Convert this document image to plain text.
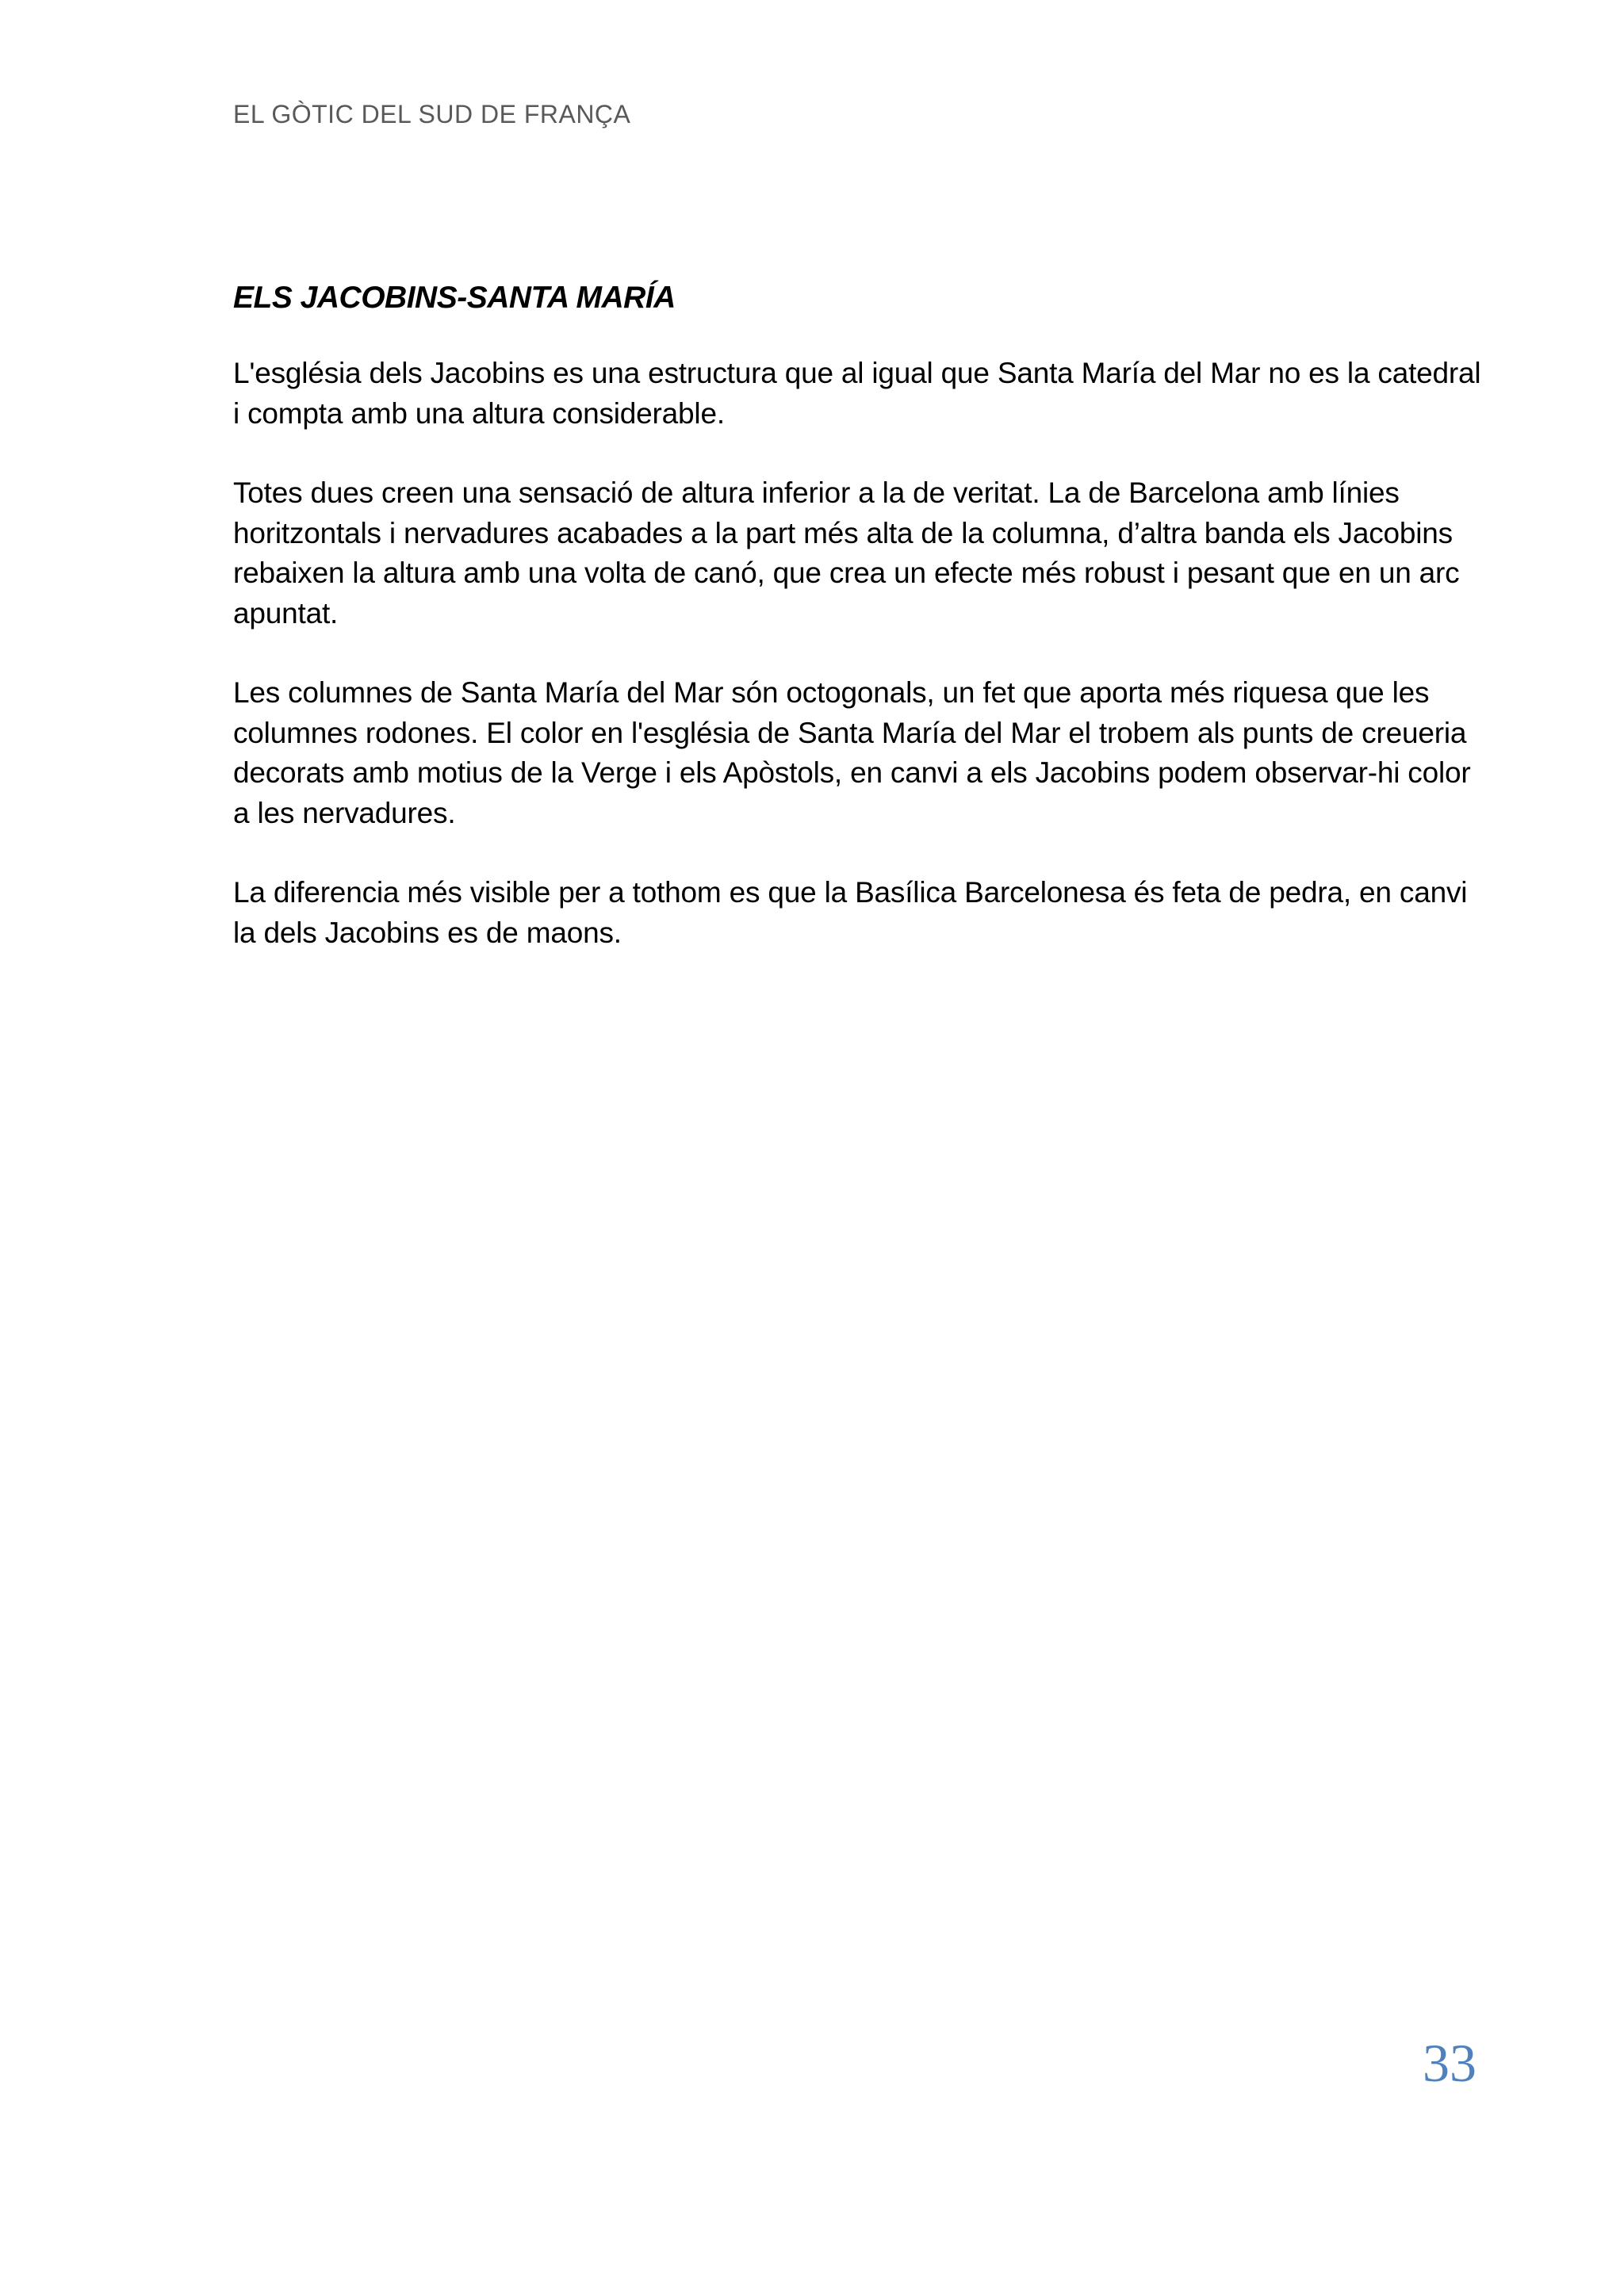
EL GÒTIC DEL SUD DE FRANÇA
ELS JACOBINS-SANTA MARÍA

L'església dels Jacobins es una estructura que al igual que Santa María del Mar no es la catedral i compta amb una altura considerable.

Totes dues creen una sensació de altura inferior a la de veritat. La de Barcelona amb línies horitzontals i nervadures acabades a la part més alta de la columna, d’altra banda els Jacobins rebaixen la altura amb una volta de canó, que crea un efecte més robust i pesant que en un arc apuntat.

Les columnes de Santa María del Mar són octogonals, un fet que aporta més riquesa que les columnes rodones. El color en l'església de Santa María del Mar el trobem als punts de creueria decorats amb motius de la Verge i els Apòstols, en canvi a els Jacobins podem observar-hi color a les nervadures.

La diferencia més visible per a tothom es que la Basílica Barcelonesa és feta de pedra, en canvi la dels Jacobins es de maons.

33
